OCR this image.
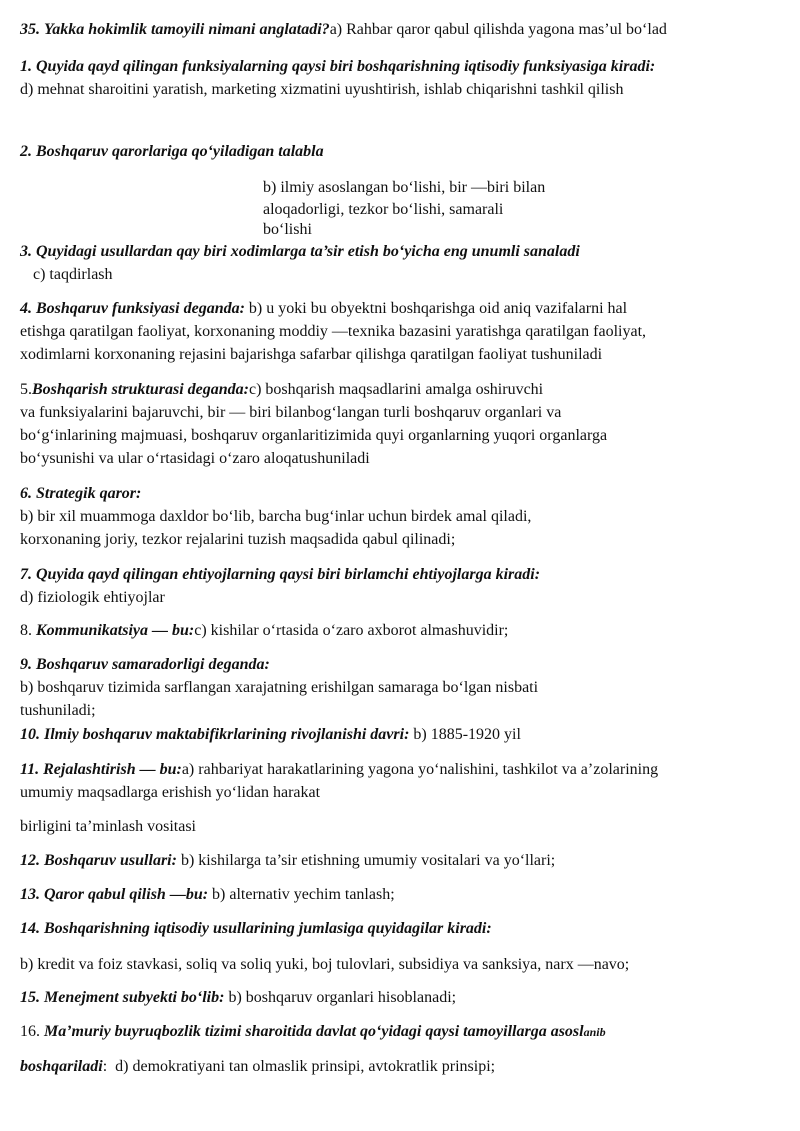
35. Yakka hokimlik tamoyili nimani anglatadi?a) Rahbar qaror qabul qilishda yagona mas’ul bo‘lad
1. Quyida qayd qilingan funksiyalarning qaysi biri boshqarishning iqtisodiy funksiyasiga kiradi:
d) mehnat sharoitini yaratish, marketing xizmatini uyushtirish, ishlab chiqarishni tashkil qilish
2. Boshqaruv qarorlariga qo‘yiladigan talabla
b) ilmiy asoslangan bo‘lishi, bir —biri bilan
aloqadorligi, tezkor bo‘lishi, samarali
bo‘lishi
3. Quyidagi usullardan qay biri xodimlarga ta’sir etish bo‘yicha eng unumli sanaladi
c) taqdirlash
4. Boshqaruv funksiyasi deganda: b) u yoki bu obyektni boshqarishga oid aniq vazifalarni hal
etishga qaratilgan faoliyat, korxonaning moddiy —texnika bazasini yaratishga qaratilgan faoliyat,
xodimlarni korxonaning rejasini bajarishga safarbar qilishga qaratilgan faoliyat tushuniladi
5.Boshqarish strukturasi deganda:c) boshqarish maqsadlarini amalga oshiruvchi
va funksiyalarini bajaruvchi, bir — biri bilanbog‘langan turli boshqaruv organlari va
bo‘g‘inlarining majmuasi, boshqaruv organlaritizimida quyi organlarning yuqori organlarga
bo‘ysunishi va ular o‘rtasidagi o‘zaro aloqatushuniladi
6. Strategik qaror:
b) bir xil muammoga daxldor bo‘lib, barcha bug‘inlar uchun birdek amal qiladi,
korxonaning joriy, tezkor rejalarini tuzish maqsadida qabul qilinadi;
7. Quyida qayd qilingan ehtiyojlarning qaysi biri birlamchi ehtiyojlarga kiradi:
d) fiziologik ehtiyojlar
8. Kommunikatsiya — bu:c) kishilar o‘rtasida o‘zaro axborot almashuvidir;
9. Boshqaruv samaradorligi deganda:
b) boshqaruv tizimida sarflangan xarajatning erishilgan samaraga bo‘lgan nisbati
tushuniladi;
10. Ilmiy boshqaruv maktabifikrlarining rivojlanishi davri: b) 1885-1920 yil
11. Rejalashtirish — bu:a) rahbariyat harakatlarining yagona yo‘nalishini, tashkilot va a’zolarining
umumiy maqsadlarga erishish yo‘lidan harakat
birligini ta’minlash vositasi
12. Boshqaruv usullari: b) kishilarga ta’sir etishning umumiy vositalari va yo‘llari;
13. Qaror qabul qilish —bu: b) alternativ yechim tanlash;
14. Boshqarishning iqtisodiy usullarining jumlasiga quyidagilar kiradi:
b) kredit va foiz stavkasi, soliq va soliq yuki, boj tulovlari, subsidiya va sanksiya, narx —navo;
15. Menejment subyekti bo‘lib: b) boshqaruv organlari hisoblanadi;
16. Ma’muriy buyruqbozlik tizimi sharoitida davlat qo‘yidagi qaysi tamoyillarga asoslanib
boshqariladi:  d) demokratiyani tan olmaslik prinsipi, avtokratlik prinsipi;
